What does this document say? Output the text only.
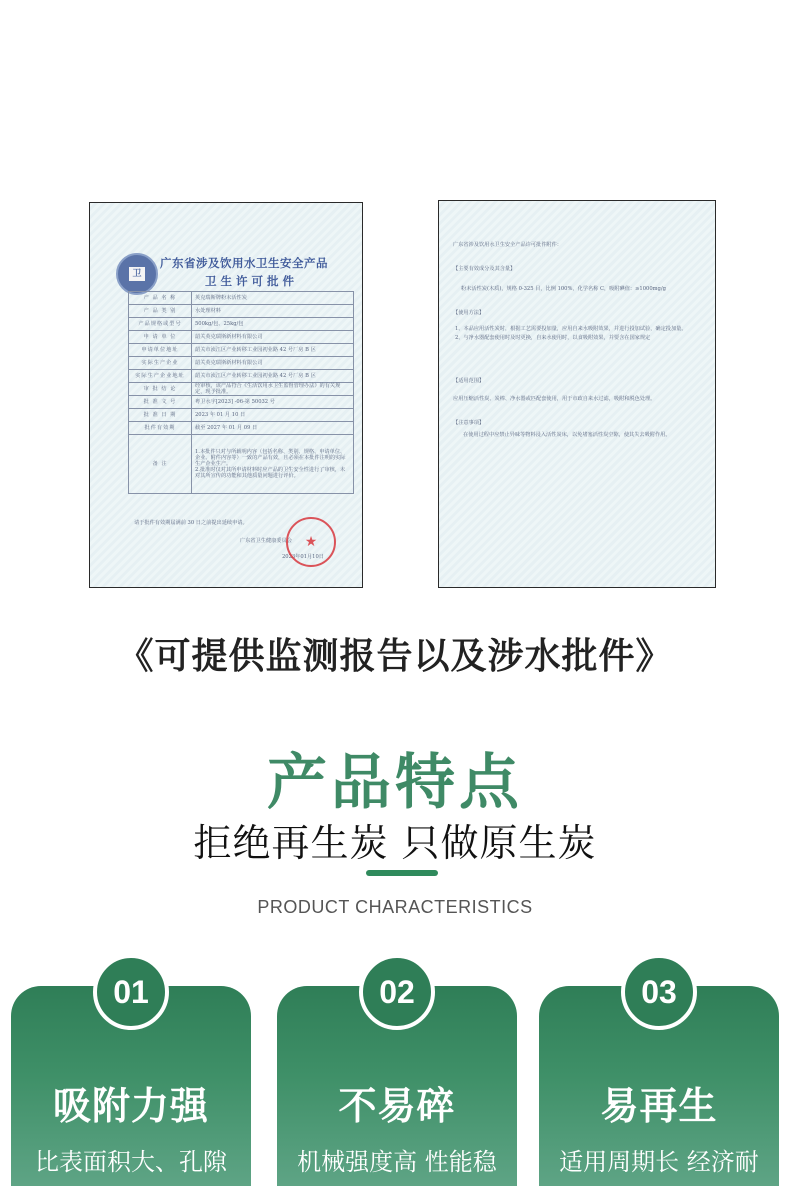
卫
广东省涉及饮用水卫生安全产品
卫生许可批件
产 品 名 称	英克瑞斯牌粉末活性炭
产 品 类 别	水处理材料
产品规格或型号	500kg/包、25kg/包
申 请 单 位	韶关英克瑞斯新材料有限公司
申请单位地址	韶关市浈江区产业转移工业园初业路 42 号厂房 B 区
实际生产企业	韶关英克瑞斯新材料有限公司
实际生产企业地址	韶关市浈江区产业转移工业园初业路 42 号厂房 B 区
审 批 结 论	经审核，该产品符合《生活饮用水卫生监督管理办法》的有关规定，现予批准。
批 准 文 号	粤卫水字[2023] -06-第 50032 号
批 准 日 期	2023 年 01 月 10 日
批件有效期	截至 2027 年 01 月 09 日
备 注	1.本批件只对与所载明内容（包括名称、类别、规格、申请单位、企业、附件内容等）一致的产品有效，且必须在本批件注明的实际生产企业生产。
2.批准时仅对其所申请材料时应产品的卫生安全性进行了审核，未对其所宣传的功能和其他质量问题进行评价。
请于批件有效期届满前 30 日之前提出延续申请。
广东省卫生健康委员会
2023年01月10日
★
广东省涉及饮用水卫生安全产品许可批件附件：
【主要有效成分及其含量】
粉末活性炭(木质)，规格 0-325 目，比例 100%，化学名称 C，吸附碘值：≥1000mg/g
【使用方法】
1、本品应用活性炭时，根据工艺需要投加量，应用自来水吸附效果，并进行投加试验，确定投加量。
2、与净水器配套使用时及时更换，自来水使用时，以食吸附效果，并要含在国家规定
【适用范围】
应用压缩活性炭、炭棒、净水器或匹配套使用，用于市政自来水过滤，吸附和脱色处理。
【注意事项】
在使用过程中应禁止异味等物料浸入活性炭床，以免堵塞活性炭空隙，使其失去吸附作用。
《可提供监测报告以及涉水批件》
产品特点
拒绝再生炭 只做原生炭
PRODUCT CHARACTERISTICS
01
吸附力强
比表面积大、孔隙
02
不易碎
机械强度高 性能稳
03
易再生
适用周期长 经济耐
